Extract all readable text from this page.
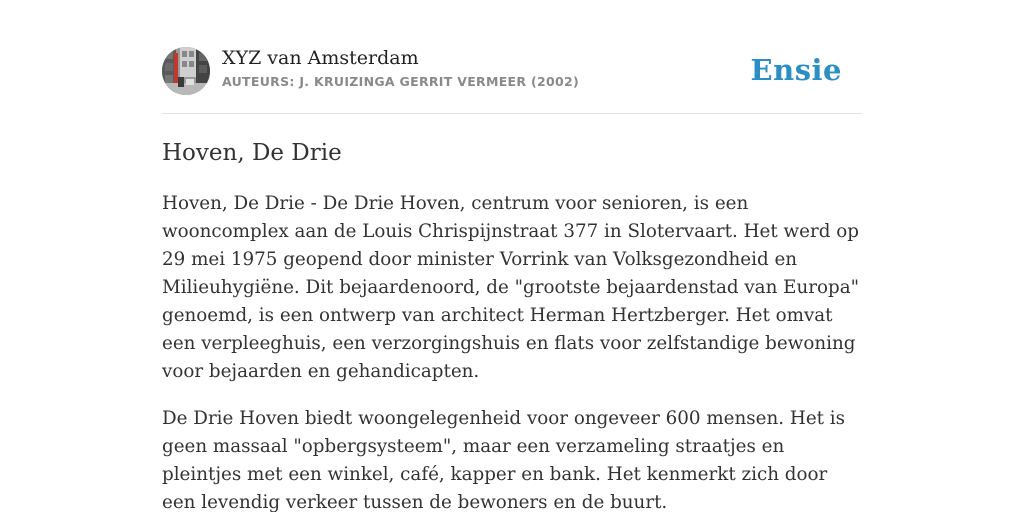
XYZ van Amsterdam
AUTEURS: J. KRUIZINGA GERRIT VERMEER (2002)	Ensie
Hoven, De Drie

Hoven, De Drie - De Drie Hoven, centrum voor senioren, is een wooncomplex aan de Louis Chrispijnstraat 377 in Slotervaart. Het werd op 29 mei 1975 geopend door minister Vorrink van Volksgezondheid en Milieuhygiëne. Dit bejaardenoord, de "grootste bejaardenstad van Europa" genoemd, is een ontwerp van architect Herman Hertzberger. Het omvat een verpleeghuis, een verzorgingshuis en flats voor zelfstandige bewoning voor bejaarden en gehandicapten.

De Drie Hoven biedt woongelegenheid voor ongeveer 600 mensen. Het is geen massaal "opbergsysteem", maar een verzameling straatjes en pleintjes met een winkel, café, kapper en bank. Het kenmerkt zich door een levendig verkeer tussen de bewoners en de buurt.
